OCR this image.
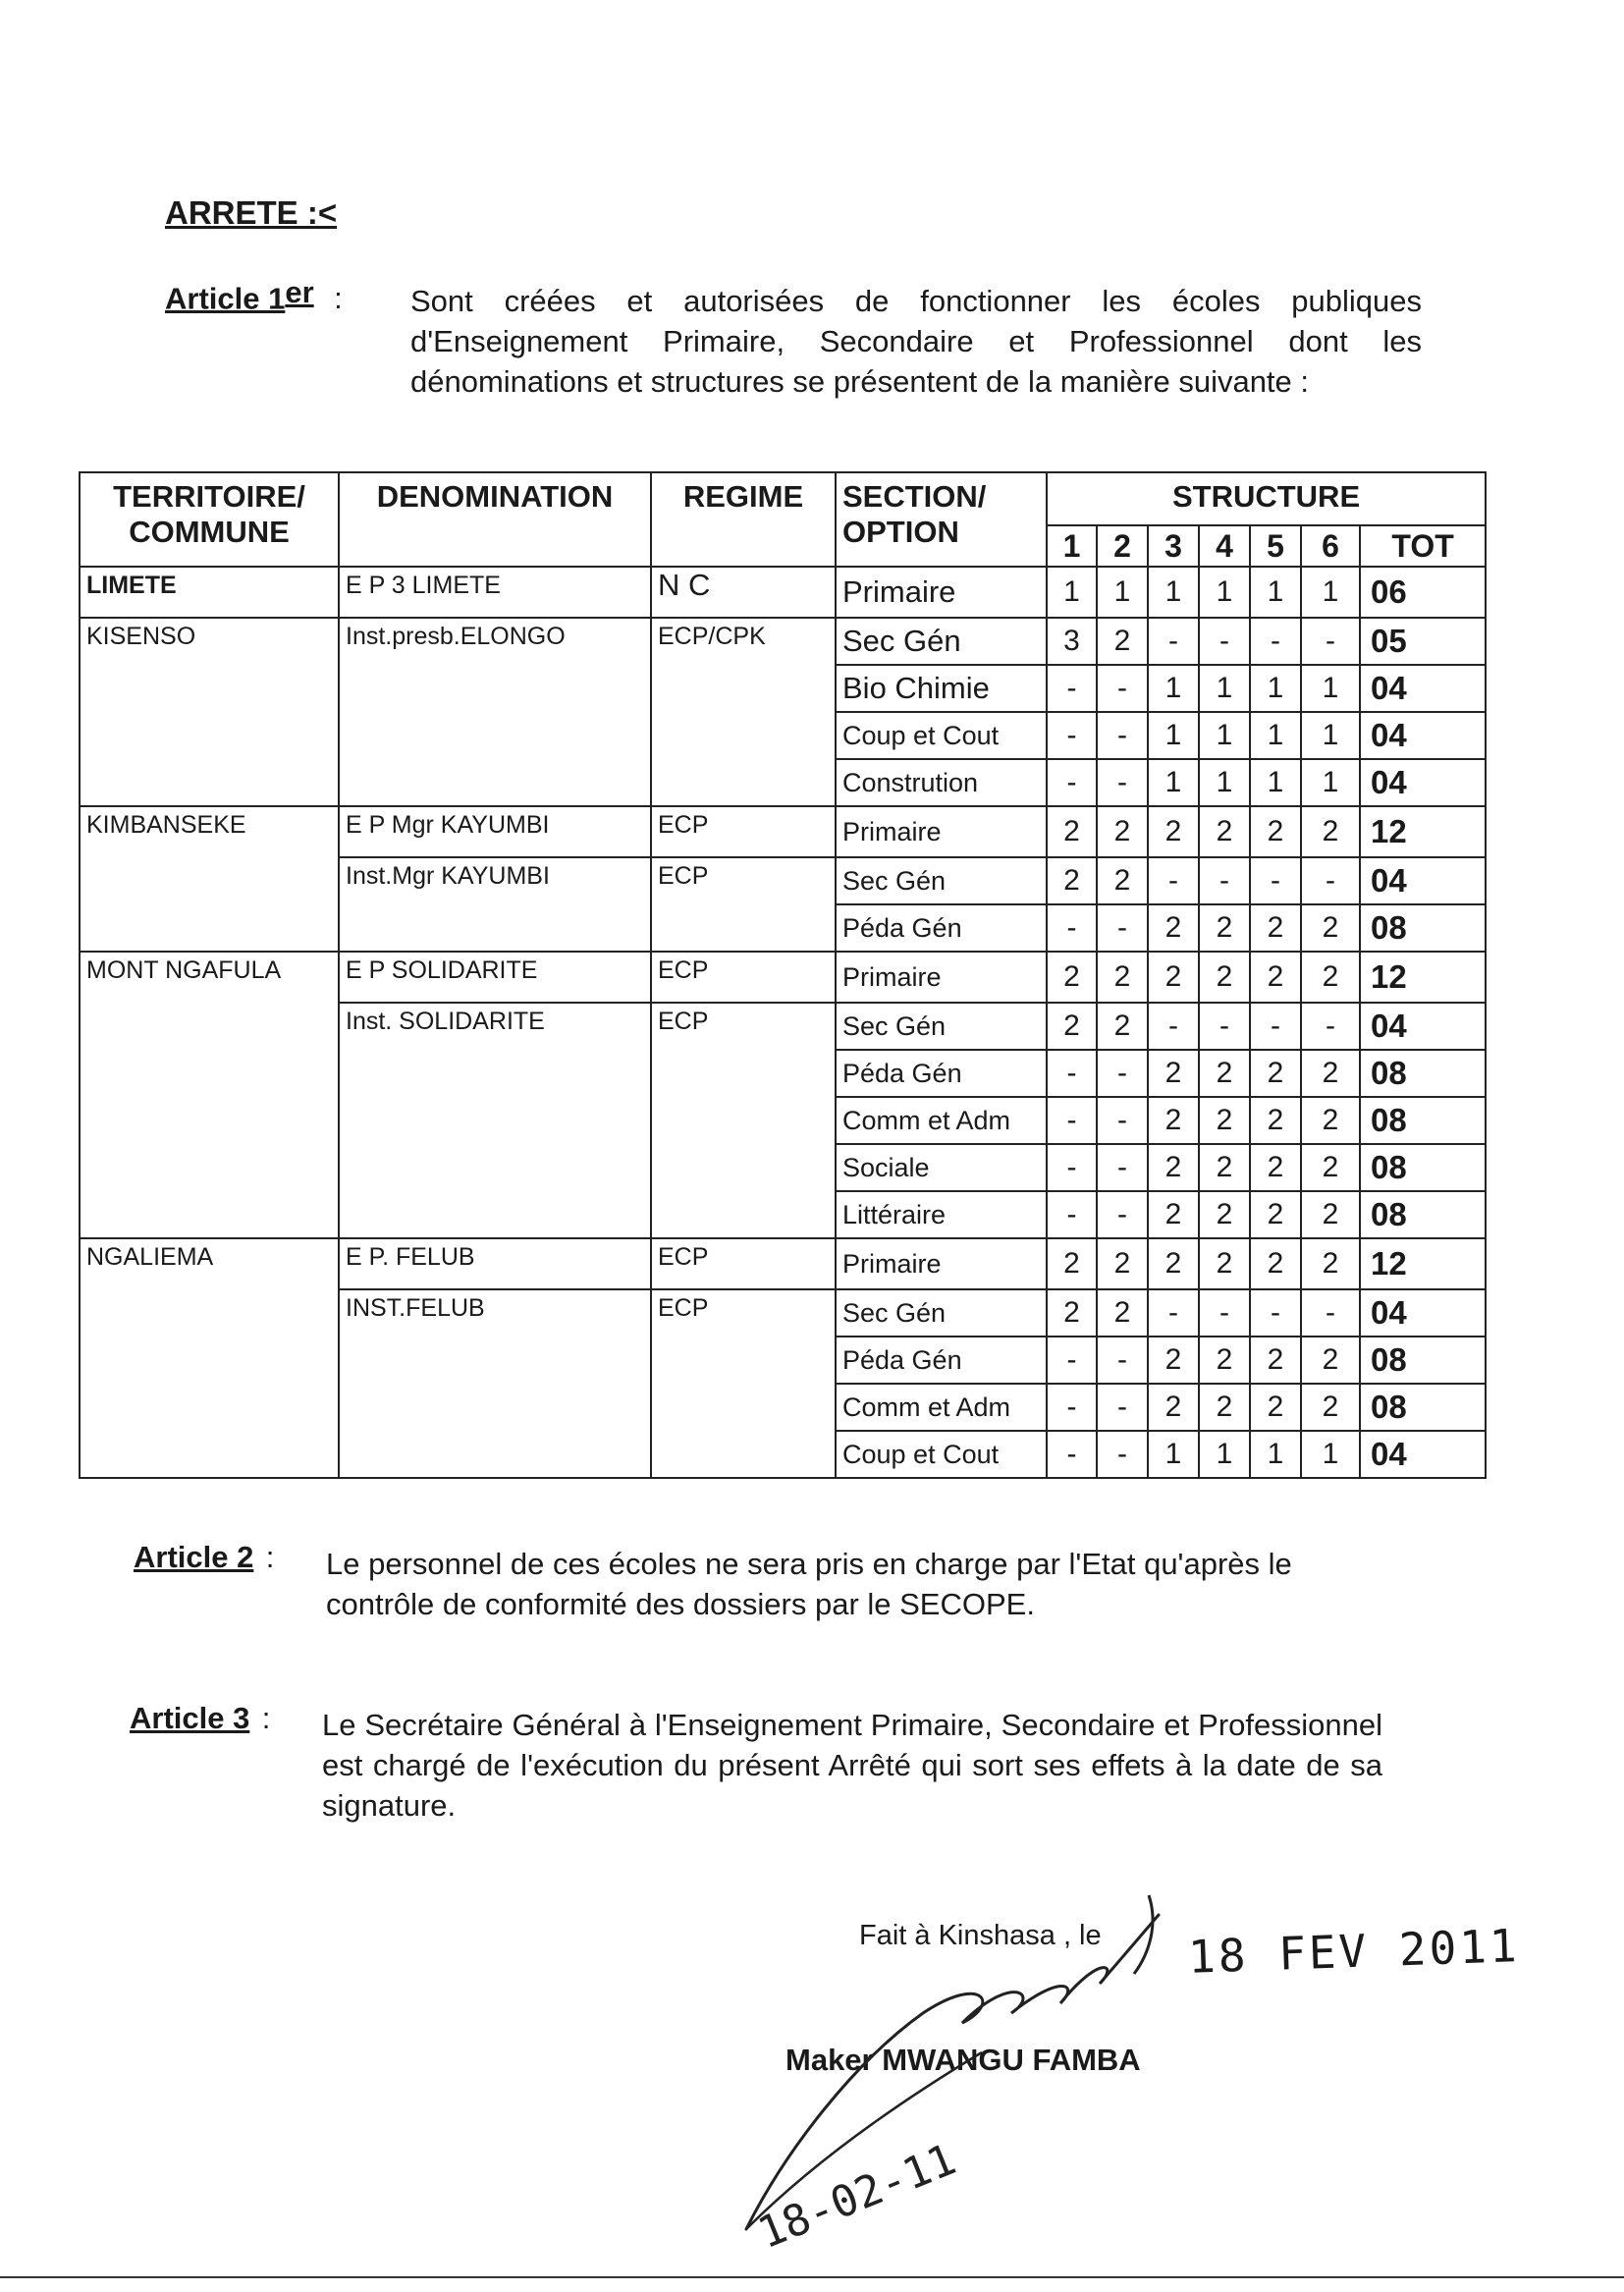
ARRETE :<
Article 1er : Sont créées et autorisées de fonctionner les écoles publiques d'Enseignement Primaire, Secondaire et Professionnel dont les dénominations et structures se présentent de la manière suivante :
TERRITOIRE/ COMMUNE	DENOMINATION	REGIME	SECTION/ OPTION	STRUCTURE						
				1	2	3	4	5	6	TOT
LIMETE	E P 3 LIMETE	N C	Primaire	1	1	1	1	1	1	06
KISENSO	Inst.presb.ELONGO	ECP/CPK	Sec Gén	3	2	-	-	-	-	05
			Bio Chimie	-	-	1	1	1	1	04
			Coup et Cout	-	-	1	1	1	1	04
			Constrution	-	-	1	1	1	1	04
KIMBANSEKE	E P Mgr KAYUMBI	ECP	Primaire	2	2	2	2	2	2	12
	Inst.Mgr KAYUMBI	ECP	Sec Gén	2	2	-	-	-	-	04
			Péda Gén	-	-	2	2	2	2	08
MONT NGAFULA	E P SOLIDARITE	ECP	Primaire	2	2	2	2	2	2	12
	Inst. SOLIDARITE	ECP	Sec Gén	2	2	-	-	-	-	04
			Péda Gén	-	-	2	2	2	2	08
			Comm et Adm	-	-	2	2	2	2	08
			Sociale	-	-	2	2	2	2	08
			Littéraire	-	-	2	2	2	2	08
NGALIEMA	E P. FELUB	ECP	Primaire	2	2	2	2	2	2	12
	INST.FELUB	ECP	Sec Gén	2	2	-	-	-	-	04
			Péda Gén	-	-	2	2	2	2	08
			Comm et Adm	-	-	2	2	2	2	08
			Coup et Cout	-	-	1	1	1	1	04
Article 2 : Le personnel de ces écoles ne sera pris en charge par l'Etat qu'après le contrôle de conformité des dossiers par le SECOPE.
Article 3 : Le Secrétaire Général à l'Enseignement Primaire, Secondaire et Professionnel est chargé de l'exécution du présent Arrêté qui sort ses effets à la date de sa signature.
Fait à Kinshasa , le 18 FEV 2011
Maker MWANGU FAMBA
18-02-11
